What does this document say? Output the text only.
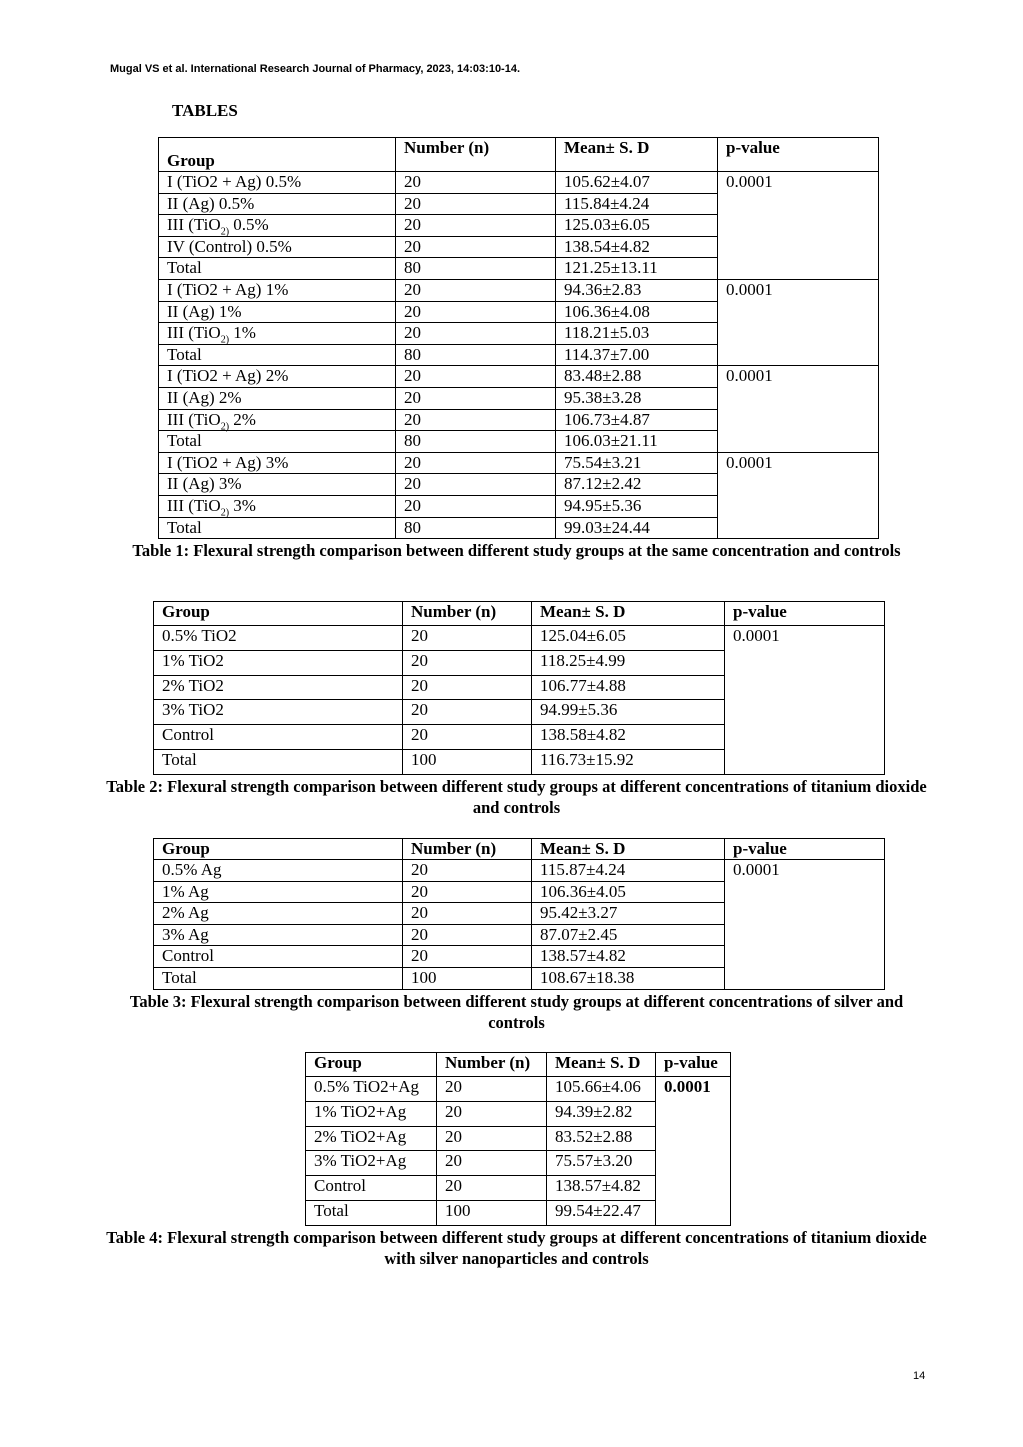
Mugal VS et al. International Research Journal of Pharmacy, 2023, 14:03:10-14.
TABLES
Group	Number (n)	Mean± S. D	p-value
I (TiO2 + Ag) 0.5%	20	105.62±4.07	0.0001
II (Ag) 0.5%	20	115.84±4.24	
III (TiO$_{2)}$ 0.5%	20	125.03±6.05	
IV (Control) 0.5%	20	138.54±4.82	
Total	80	121.25±13.11	
I (TiO2 + Ag) 1%	20	94.36±2.83	0.0001
II (Ag) 1%	20	106.36±4.08	
III (TiO$_{2)}$ 1%	20	118.21±5.03	
Total	80	114.37±7.00	
I (TiO2 + Ag) 2%	20	83.48±2.88	0.0001
II (Ag) 2%	20	95.38±3.28	
III (TiO$_{2)}$ 2%	20	106.73±4.87	
Total	80	106.03±21.11	
I (TiO2 + Ag) 3%	20	75.54±3.21	0.0001
II (Ag) 3%	20	87.12±2.42	
III (TiO$_{2)}$ 3%	20	94.95±5.36	
Total	80	99.03±24.44	
Table 1: Flexural strength comparison between different study groups at the same concentration and controls
Group	Number (n)	Mean± S. D	p-value
0.5% TiO2	20	125.04±6.05	0.0001
1% TiO2	20	118.25±4.99	
2% TiO2	20	106.77±4.88	
3% TiO2	20	94.99±5.36	
Control	20	138.58±4.82	
Total	100	116.73±15.92	
Table 2: Flexural strength comparison between different study groups at different concentrations of titanium dioxide and controls
Group	Number (n)	Mean± S. D	p-value
0.5% Ag	20	115.87±4.24	0.0001
1% Ag	20	106.36±4.05	
2% Ag	20	95.42±3.27	
3% Ag	20	87.07±2.45	
Control	20	138.57±4.82	
Total	100	108.67±18.38	
Table 3: Flexural strength comparison between different study groups at different concentrations of silver and controls
Group	Number (n)	Mean± S. D	p-value
0.5% TiO2+Ag	20	105.66±4.06	0.0001
1% TiO2+Ag	20	94.39±2.82	
2% TiO2+Ag	20	83.52±2.88	
3% TiO2+Ag	20	75.57±3.20	
Control	20	138.57±4.82	
Total	100	99.54±22.47	
Table 4: Flexural strength comparison between different study groups at different concentrations of titanium dioxide with silver nanoparticles and controls
14
